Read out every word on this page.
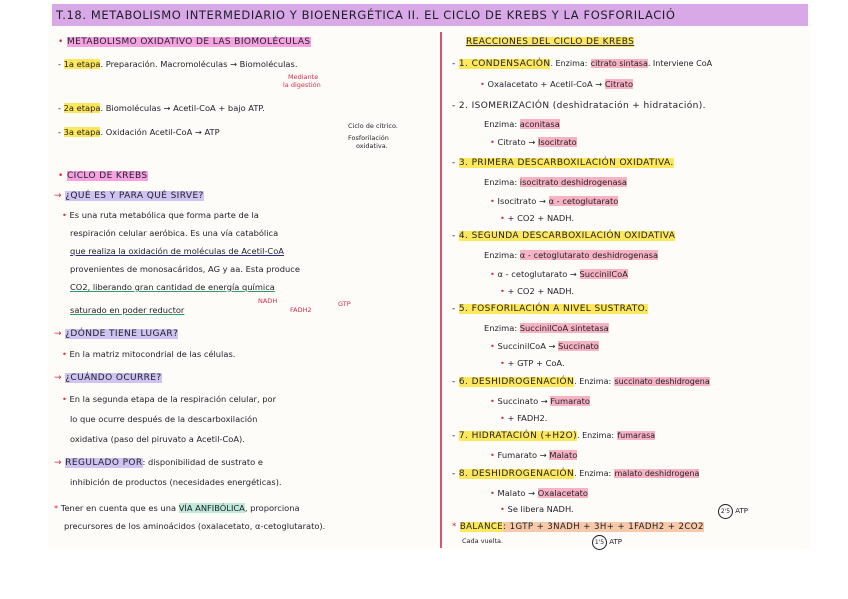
T.18. METABOLISMO INTERMEDIARIO Y BIOENERGÉTICA II. EL CICLO DE KREBS Y LA FOSFORILACIÓ
• METABOLISMO OXIDATIVO DE LAS BIOMOLÉCULAS
- 1a etapa. Preparación. Macromoléculas → Biomoléculas.
Mediante
la digestión
- 2a etapa. Biomoléculas → Acetil-CoA + bajo ATP.
- 3a etapa. Oxidación Acetil-CoA → ATP
Ciclo de cítrico.
Fosforilación
oxidativa.
• CICLO DE KREBS
→ ¿QUÉ ES Y PARA QUÉ SIRVE?
• Es una ruta metabólica que forma parte de la
respiración celular aeróbica. Es una vía catabólica
que realiza la oxidación de moléculas de Acetil-CoA
provenientes de monosacáridos, AG y aa. Esta produce
CO2, liberando gran cantidad de energía química
saturado en poder reductor
NADH
FADH2
GTP
→ ¿DÓNDE TIENE LUGAR?
• En la matriz mitocondrial de las células.
→ ¿CUÁNDO OCURRE?
• En la segunda etapa de la respiración celular, por
lo que ocurre después de la descarboxilación
oxidativa (paso del piruvato a Acetil-CoA).
→ REGULADO POR: disponibilidad de sustrato e
inhibición de productos (necesidades energéticas).
* Tener en cuenta que es una VÍA ANFIBÓLICA, proporciona
precursores de los aminoácidos (oxalacetato, α-cetoglutarato).
REACCIONES DEL CICLO DE KREBS
- 1. CONDENSACIÓN. Enzima: citrato sintasa. Interviene CoA
• Oxalacetato + Acetil-CoA → Citrato
- 2. ISOMERIZACIÓN (deshidratación + hidratación).
Enzima: aconitasa
• Citrato → Isocitrato
- 3. PRIMERA DESCARBOXILACIÓN OXIDATIVA.
Enzima: isocitrato deshidrogenasa
• Isocitrato → α - cetoglutarato
• + CO2 + NADH.
- 4. SEGUNDA DESCARBOXILACIÓN OXIDATIVA
Enzima: α - cetoglutarato deshidrogenasa
• α - cetoglutarato → SuccinilCoA
• + CO2 + NADH.
- 5. FOSFORILACIÓN A NIVEL SUSTRATO.
Enzima: SuccinilCoA sintetasa
• SuccinilCoA → Succinato
• + GTP + CoA.
- 6. DESHIDROGENACIÓN. Enzima: succinato deshidrogena
• Succinato → Fumarato
• + FADH2.
- 7. HIDRATACIÓN (+H2O). Enzima: fumarasa
• Fumarato → Malato
- 8. DESHIDROGENACIÓN. Enzima: malato deshidrogena
• Malato → Oxalacetato
• Se libera NADH.	2'5 ATP
* BALANCE: 1GTP + 3NADH + 3H+ + 1FADH2 + 2CO2
Cada vuelta.	1'5 ATP
